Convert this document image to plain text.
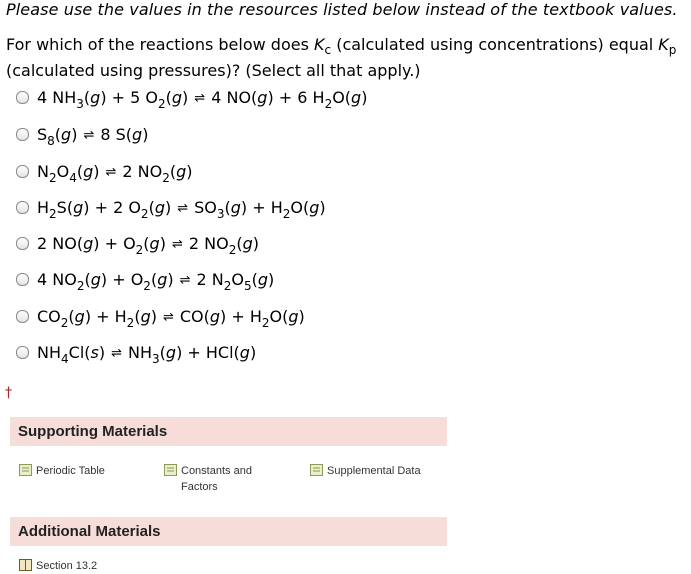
Please use the values in the resources listed below instead of the textbook values.
For which of the reactions below does $K_c$ (calculated using concentrations) equal $K_p$
(calculated using pressures)? (Select all that apply.)
4 $NH_3(g) + 5$ $O_2(g)$ ⇌ 4 NO(g) + 6 $H_2O(g)$
$S_8(g)$ ⇌ 8 S(g)
$N_2O_4(g)$ ⇌ 2 $NO_2(g)$
$H_2S(g) + 2$ $O_2(g)$ ⇌ $SO_3(g) + H_2O(g)$
2 $NO(g) + O_2(g)$ ⇌ 2 $NO_2(g)$
4 $NO_2(g) + O_2(g)$ ⇌ 2 $N_2O_5(g)$
$CO_2(g) + H_2(g)$ ⇌ $CO(g) + H_2O(g)$
$NH_4Cl(s)$ ⇌ $NH_3(g) + HCl(g)$
†
Supporting Materials
Periodic Table	Constants and Factors
Supplemental Data
Additional Materials
Section 13.2
